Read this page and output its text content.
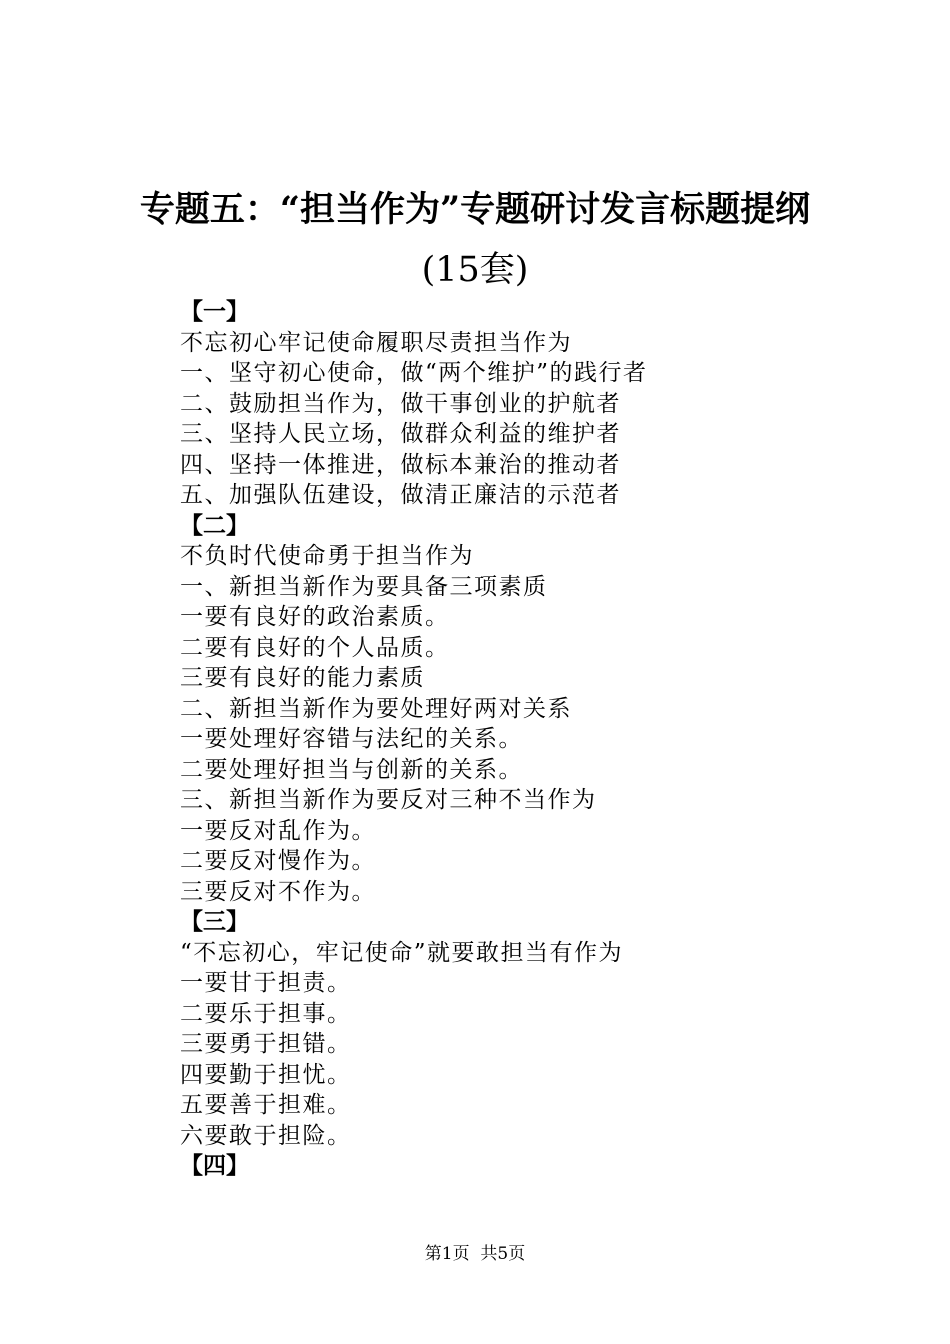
专题五：“担当作为”专题研讨发言标题提纲
(15套)
【一】
不忘初心牢记使命履职尽责担当作为
一、坚守初心使命，做“两个维护”的践行者
二、鼓励担当作为，做干事创业的护航者
三、坚持人民立场，做群众利益的维护者
四、坚持一体推进，做标本兼治的推动者
五、加强队伍建设，做清正廉洁的示范者
【二】
不负时代使命勇于担当作为
一、新担当新作为要具备三项素质
一要有良好的政治素质。
二要有良好的个人品质。
三要有良好的能力素质
二、新担当新作为要处理好两对关系
一要处理好容错与法纪的关系。
二要处理好担当与创新的关系。
三、新担当新作为要反对三种不当作为
一要反对乱作为。
二要反对慢作为。
三要反对不作为。
【三】
“不忘初心，牢记使命”就要敢担当有作为
一要甘于担责。
二要乐于担事。
三要勇于担错。
四要勤于担忧。
五要善于担难。
六要敢于担险。
【四】
第1页  共5页
